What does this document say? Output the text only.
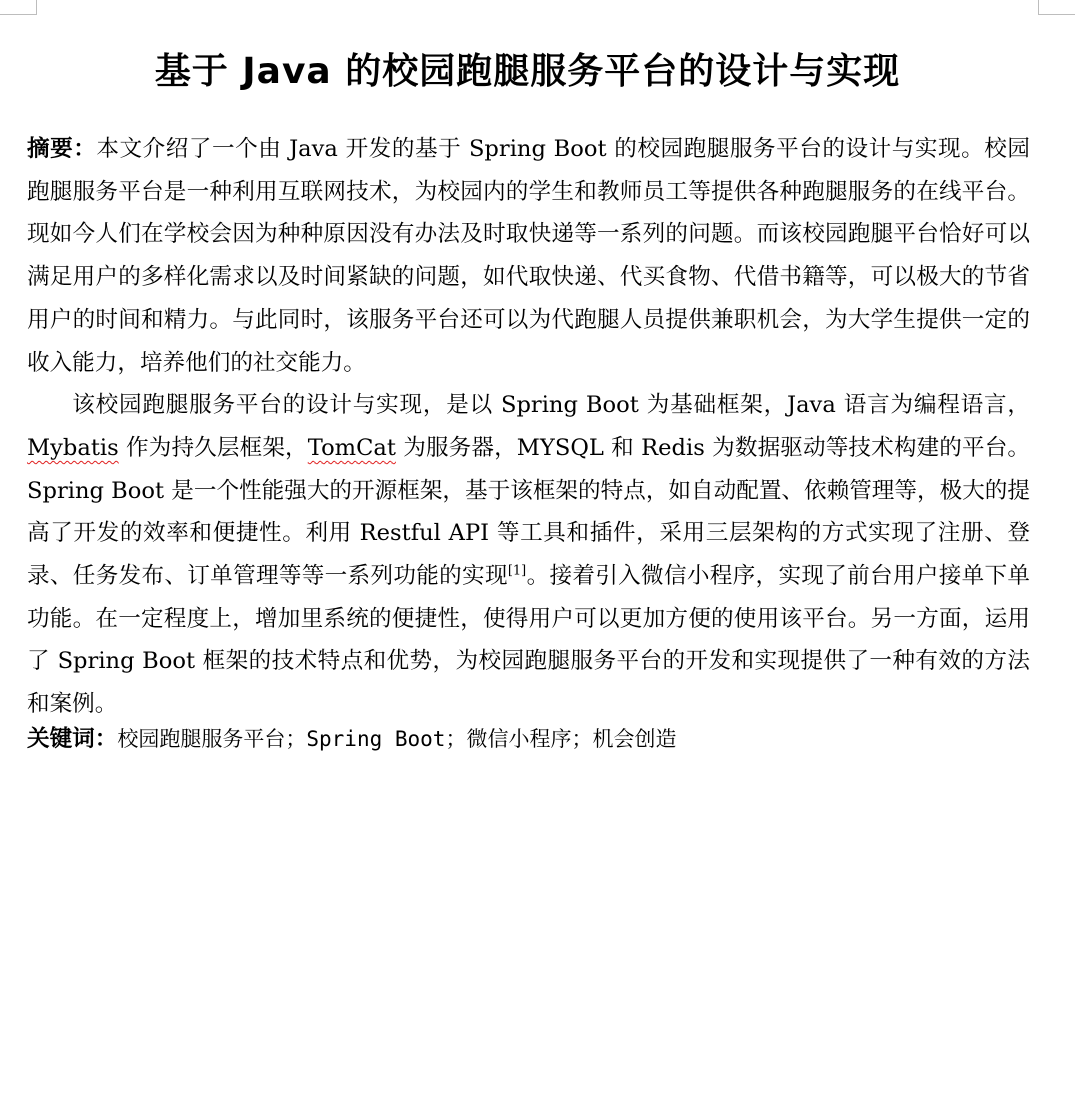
基于 Java 的校园跑腿服务平台的设计与实现

摘要：本文介绍了一个由 Java 开发的基于 Spring Boot 的校园跑腿服务平台的设计与实现。校园跑腿服务平台是一种利用互联网技术，为校园内的学生和教师员工等提供各种跑腿服务的在线平台。现如今人们在学校会因为种种原因没有办法及时取快递等一系列的问题。而该校园跑腿平台恰好可以满足用户的多样化需求以及时间紧缺的问题，如代取快递、代买食物、代借书籍等，可以极大的节省用户的时间和精力。与此同时，该服务平台还可以为代跑腿人员提供兼职机会，为大学生提供一定的收入能力，培养他们的社交能力。

该校园跑腿服务平台的设计与实现，是以 Spring Boot 为基础框架，Java 语言为编程语言，Mybatis 作为持久层框架，TomCat 为服务器，MYSQL 和 Redis 为数据驱动等技术构建的平台。Spring Boot 是一个性能强大的开源框架，基于该框架的特点，如自动配置、依赖管理等，极大的提高了开发的效率和便捷性。利用 Restful API 等工具和插件，采用三层架构的方式实现了注册、登录、任务发布、订单管理等等一系列功能的实现[1]。接着引入微信小程序，实现了前台用户接单下单功能。在一定程度上，增加里系统的便捷性，使得用户可以更加方便的使用该平台。另一方面，运用了 Spring Boot 框架的技术特点和优势，为校园跑腿服务平台的开发和实现提供了一种有效的方法和案例。

关键词：校园跑腿服务平台；Spring Boot；微信小程序；机会创造
